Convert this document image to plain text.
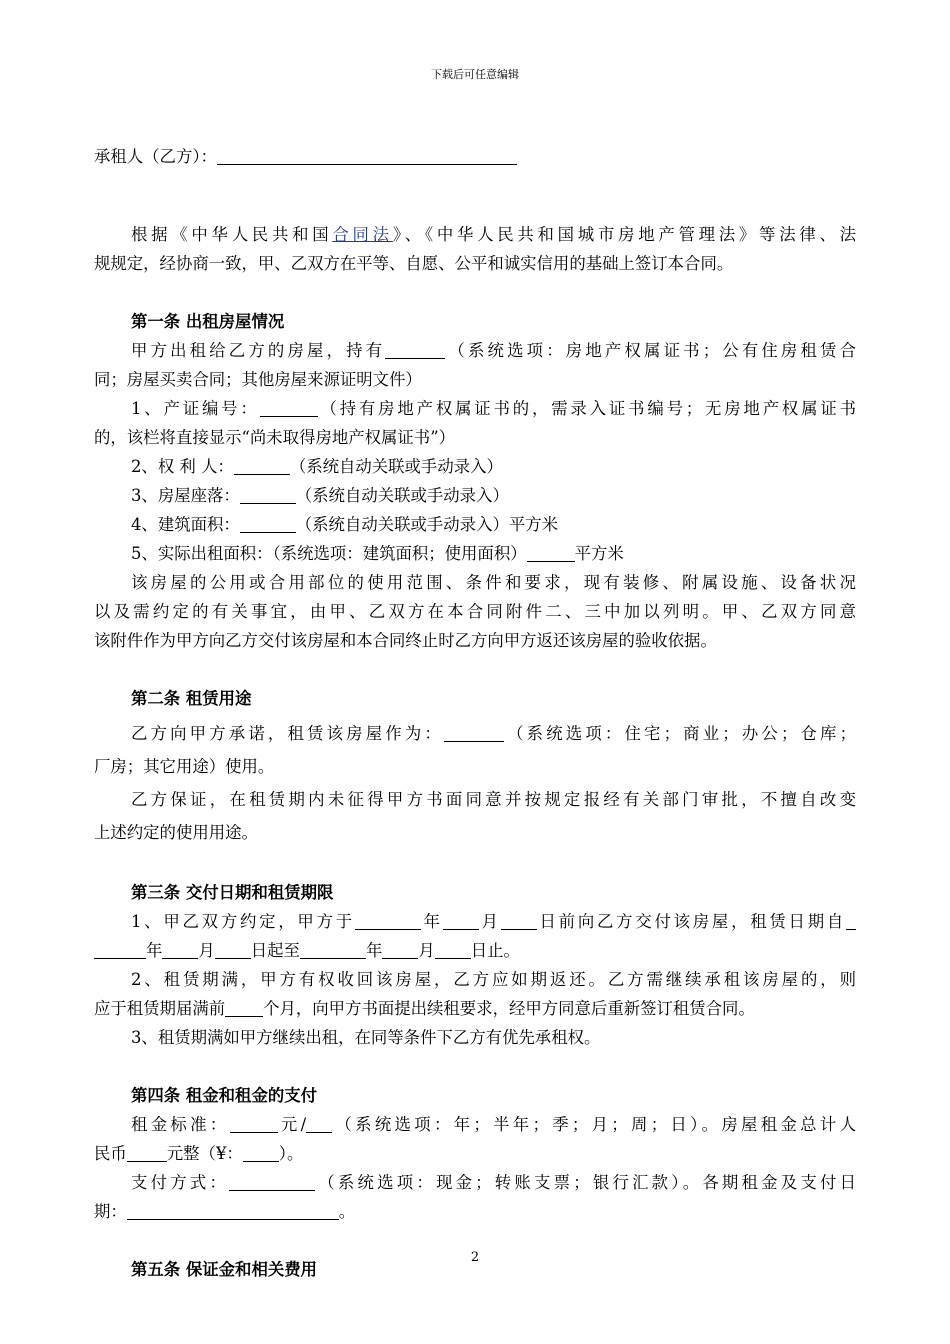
下载后可任意编辑
承租人（乙方）：
根据《中华人民共和国合同法》、《中华人民共和国城市房地产管理法》等法律、法
规规定，经协商一致，甲、乙双方在平等、自愿、公平和诚实信用的基础上签订本合同。
第一条 出租房屋情况
甲方出租给乙方的房屋，持有	（系统选项：房地产权属证书；公有住房租赁合
同；房屋买卖合同；其他房屋来源证明文件）
1、产证编号：	（持有房地产权属证书的，需录入证书编号；无房地产权属证书
的，该栏将直接显示“尚未取得房地产权属证书”）
2、权 利 人：	（系统自动关联或手动录入）
3、房屋座落：	（系统自动关联或手动录入）
4、建筑面积：	（系统自动关联或手动录入）平方米
5、实际出租面积：（系统选项：建筑面积；使用面积）	平方米
该房屋的公用或合用部位的使用范围、条件和要求，现有装修、附属设施、设备状况
以及需约定的有关事宜，由甲、乙双方在本合同附件二、三中加以列明。甲、乙双方同意
该附件作为甲方向乙方交付该房屋和本合同终止时乙方向甲方返还该房屋的验收依据。
第二条 租赁用途
乙方向甲方承诺，租赁该房屋作为：	（系统选项：住宅；商业；办公；仓库；
厂房；其它用途）使用。
乙方保证，在租赁期内未征得甲方书面同意并按规定报经有关部门审批，不擅自改变
上述约定的使用用途。
第三条 交付日期和租赁期限
1、甲乙双方约定，甲方于	年 月 日前向乙方交付该房屋，租赁日期自
年 月 日起至	年 月 日止。
2、租赁期满，甲方有权收回该房屋，乙方应如期返还。乙方需继续承租该房屋的，则
应于租赁期届满前 个月，向甲方书面提出续租要求，经甲方同意后重新签订租赁合同。
3、租赁期满如甲方继续出租，在同等条件下乙方有优先承租权。
第四条 租金和租金的支付
租金标准：	元/ （系统选项：年；半年；季；月；周；日）。房屋租金总计人
民币 元整（¥： ）。
支付方式：	（系统选项：现金；转账支票；银行汇款）。各期租金及支付日
期：	。
第五条 保证金和相关费用
2
